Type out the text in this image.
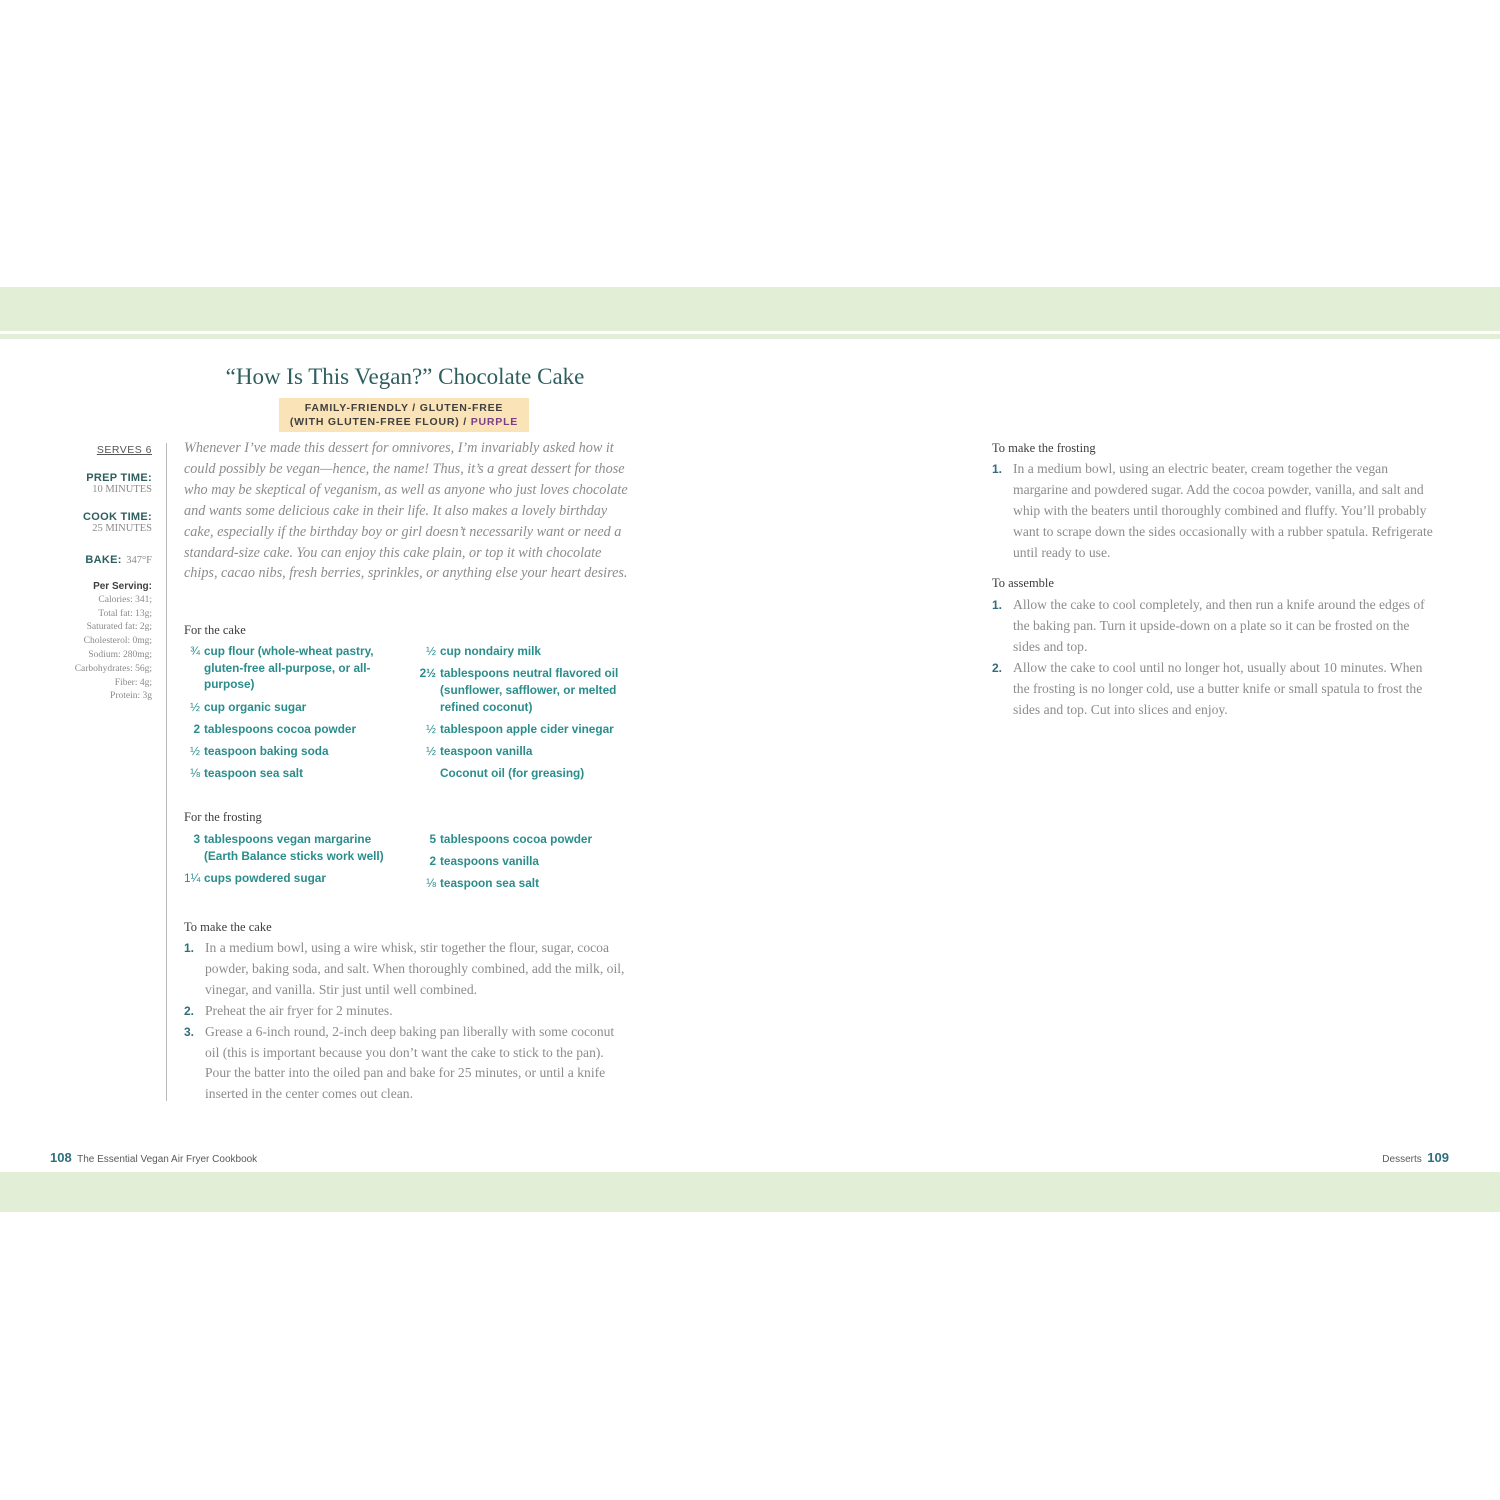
“How Is This Vegan?” Chocolate Cake
FAMILY-FRIENDLY / GLUTEN-FREE
(WITH GLUTEN-FREE FLOUR) / PURPLE
SERVES 6
PREP TIME:
10 MINUTES
COOK TIME:
25 MINUTES
BAKE: 347°F
Per Serving:
Calories: 341;
Total fat: 13g;
Saturated fat: 2g;
Cholesterol: 0mg;
Sodium: 280mg;
Carbohydrates: 56g;
Fiber: 4g;
Protein: 3g

Whenever I’ve made this dessert for omnivores, I’m invariably asked how it could possibly be vegan—hence, the name! Thus, it’s a great dessert for those who may be skeptical of veganism, as well as anyone who just loves chocolate and wants some delicious cake in their life. It also makes a lovely birthday cake, especially if the birthday boy or girl doesn’t necessarily want or need a standard-size cake. You can enjoy this cake plain, or top it with chocolate chips, cacao nibs, fresh berries, sprinkles, or anything else your heart desires.

For the cake
¾ cup flour (whole-wheat pastry, gluten-free all-purpose, or all-purpose)
½ cup organic sugar
2 tablespoons cocoa powder
½ teaspoon baking soda
⅛ teaspoon sea salt
½ cup nondairy milk
2½ tablespoons neutral flavored oil (sunflower, safflower, or melted refined coconut)
½ tablespoon apple cider vinegar
½ teaspoon vanilla
Coconut oil (for greasing)
For the frosting
3 tablespoons vegan margarine (Earth Balance sticks work well)
1¼ cups powdered sugar
5 tablespoons cocoa powder
2 teaspoons vanilla
⅛ teaspoon sea salt
To make the cake
1. In a medium bowl, using a wire whisk, stir together the flour, sugar, cocoa powder, baking soda, and salt. When thoroughly combined, add the milk, oil, vinegar, and vanilla. Stir just until well combined.
2. Preheat the air fryer for 2 minutes.
3. Grease a 6-inch round, 2-inch deep baking pan liberally with some coconut oil (this is important because you don’t want the cake to stick to the pan). Pour the batter into the oiled pan and bake for 25 minutes, or until a knife inserted in the center comes out clean.
To make the frosting
1. In a medium bowl, using an electric beater, cream together the vegan margarine and powdered sugar. Add the cocoa powder, vanilla, and salt and whip with the beaters until thoroughly combined and fluffy. You’ll probably want to scrape down the sides occasionally with a rubber spatula. Refrigerate until ready to use.
To assemble
1. Allow the cake to cool completely, and then run a knife around the edges of the baking pan. Turn it upside-down on a plate so it can be frosted on the sides and top.
2. Allow the cake to cool until no longer hot, usually about 10 minutes. When the frosting is no longer cold, use a butter knife or small spatula to frost the sides and top. Cut into slices and enjoy.
108 The Essential Vegan Air Fryer Cookbook	Desserts 109
